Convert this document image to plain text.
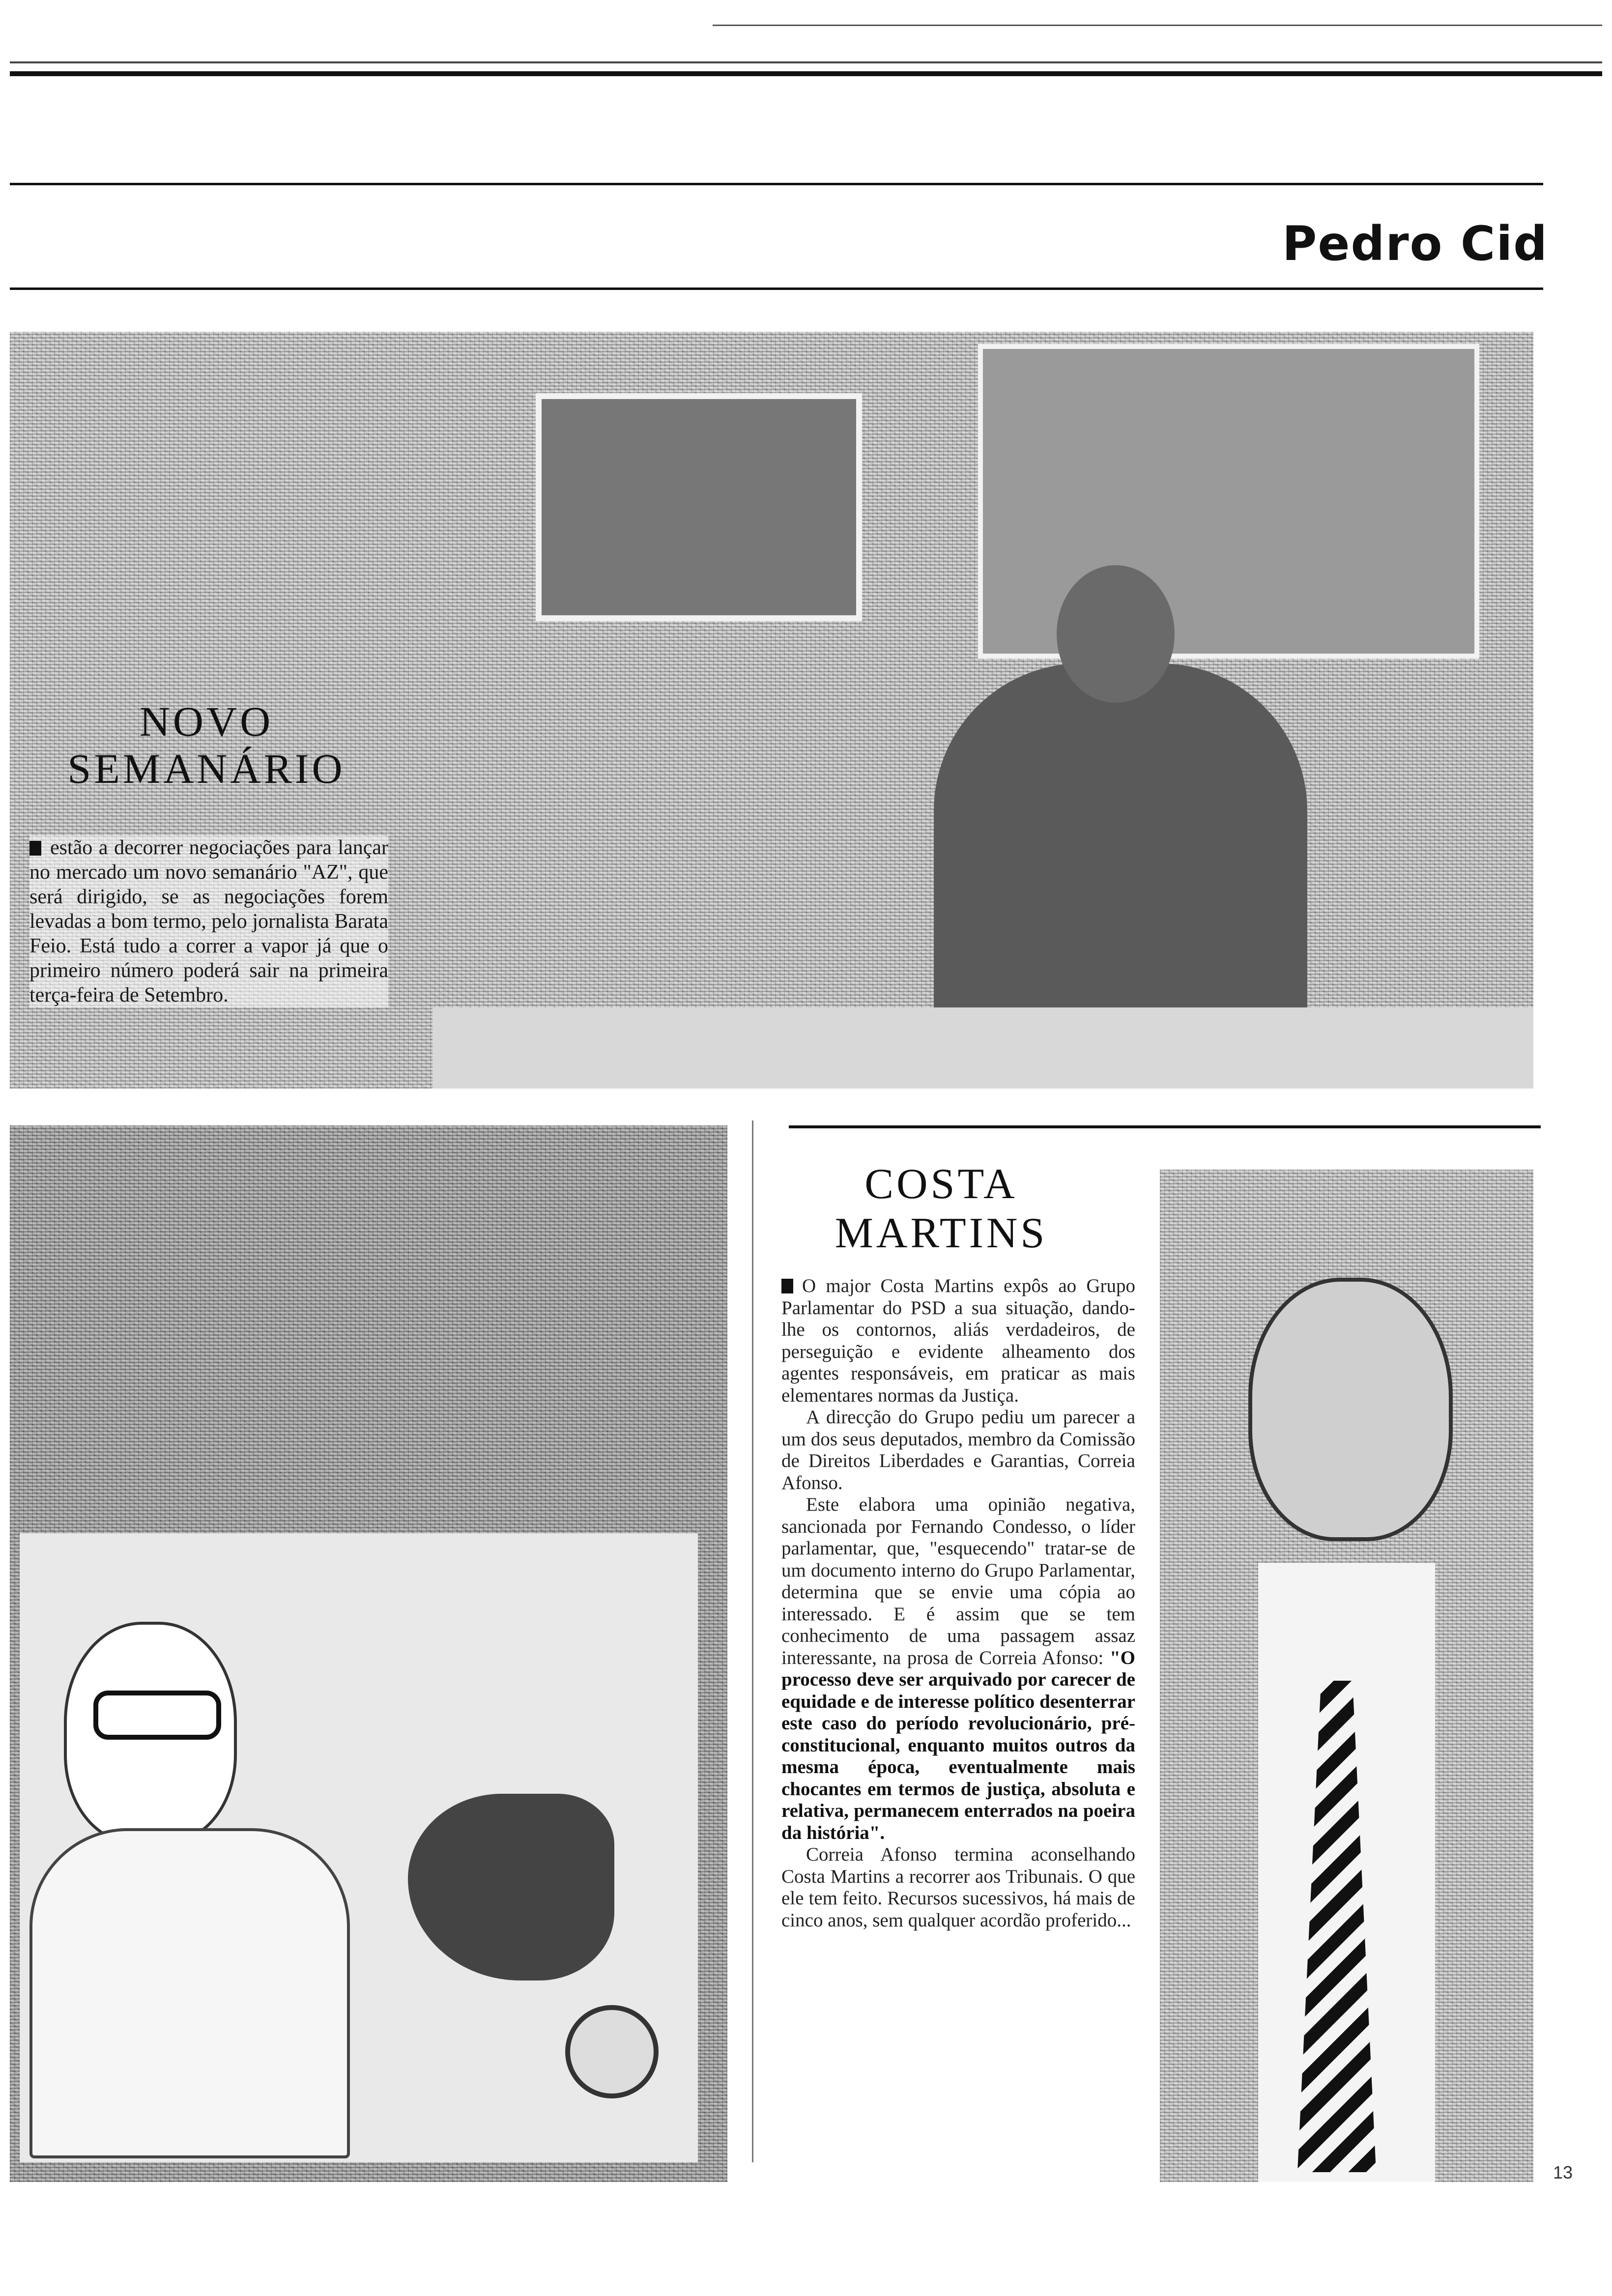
Pedro Cid
NOVO
SEMANÁRIO
estão a decorrer negociações para lançar no mercado um novo semanário "AZ", que será dirigido, se as negociações forem levadas a bom termo, pelo jornalista Barata Feio. Está tudo a correr a vapor já que o primeiro número poderá sair na primeira terça-feira de Setembro.
COSTA
MARTINS

O major Costa Martins expôs ao Grupo Parlamentar do PSD a sua situação, dando-lhe os contornos, aliás verdadeiros, de perseguição e evidente alheamento dos agentes responsáveis, em praticar as mais elementares normas da Justiça.

A direcção do Grupo pediu um parecer a um dos seus deputados, membro da Comissão de Direitos Liberdades e Garantias, Correia Afonso.

Este elabora uma opinião negativa, sancionada por Fernando Condesso, o líder parlamentar, que, "esquecendo" tratar-se de um documento interno do Grupo Parlamentar, determina que se envie uma cópia ao interessado. E é assim que se tem conhecimento de uma passagem assaz interessante, na prosa de Correia Afonso: "O processo deve ser arquivado por carecer de equidade e de interesse político desenterrar este caso do período revolucionário, pré-constitucional, enquanto muitos outros da mesma época, eventualmente mais chocantes em termos de justiça, absoluta e relativa, permanecem enterrados na poeira da história".

Correia Afonso termina aconselhando Costa Martins a recorrer aos Tribunais. O que ele tem feito. Recursos sucessivos, há mais de cinco anos, sem qualquer acordão proferido...

13
